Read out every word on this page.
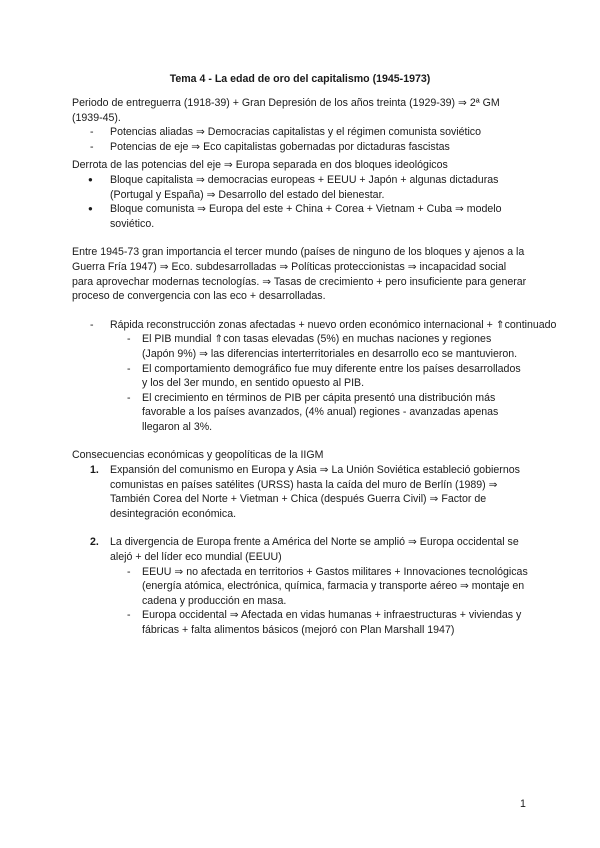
Tema 4 - La edad de oro del capitalismo (1945-1973)

Periodo de entreguerra (1918-39) + Gran Depresión de los años treinta (1929-39) ⇒ 2ª GM (1939-45).

- Potencias aliadas ⇒ Democracias capitalistas y el régimen comunista soviético
- Potencias de eje ⇒ Eco capitalistas gobernadas por dictaduras fascistas

Derrota de las potencias del eje ⇒ Europa separada en dos bloques ideológicos

● Bloque capitalista ⇒ democracias europeas + EEUU + Japón + algunas dictaduras (Portugal y España) ⇒ Desarrollo del estado del bienestar.
● Bloque comunista ⇒ Europa del este + China + Corea + Vietnam + Cuba ⇒ modelo soviético.

Entre 1945-73 gran importancia el tercer mundo (países de ninguno de los bloques y ajenos a la Guerra Fría 1947) ⇒ Eco. subdesarrolladas ⇒ Políticas proteccionistas ⇒ incapacidad social para aprovechar modernas tecnologías. ⇒ Tasas de crecimiento + pero insuficiente para generar proceso de convergencia con las eco + desarrolladas.

- Rápida reconstrucción zonas afectadas + nuevo orden económico internacional + ⇑continuado
- El PIB mundial ⇑con tasas elevadas (5%) en muchas naciones y regiones (Japón 9%) ⇒ las diferencias interterritoriales en desarrollo eco se mantuvieron.
- El comportamiento demográfico fue muy diferente entre los países desarrollados y los del 3er mundo, en sentido opuesto al PIB.
- El crecimiento en términos de PIB per cápita presentó una distribución más favorable a los países avanzados, (4% anual) regiones - avanzadas apenas llegaron al 3%.

Consecuencias económicas y geopolíticas de la IIGM

1. Expansión del comunismo en Europa y Asia ⇒ La Unión Soviética estableció gobiernos comunistas en países satélites (URSS) hasta la caída del muro de Berlín (1989) ⇒ También Corea del Norte + Vietman + Chica (después Guerra Civil) ⇒ Factor de desintegración económica.
2. La divergencia de Europa frente a América del Norte se amplió ⇒ Europa occidental se alejó + del líder eco mundial (EEUU)
- EEUU ⇒ no afectada en territorios + Gastos militares + Innovaciones tecnológicas (energía atómica, electrónica, química, farmacia y transporte aéreo ⇒ montaje en cadena y producción en masa.
- Europa occidental ⇒ Afectada en vidas humanas + infraestructuras + viviendas y fábricas + falta alimentos básicos (mejoró con Plan Marshall 1947)
1
